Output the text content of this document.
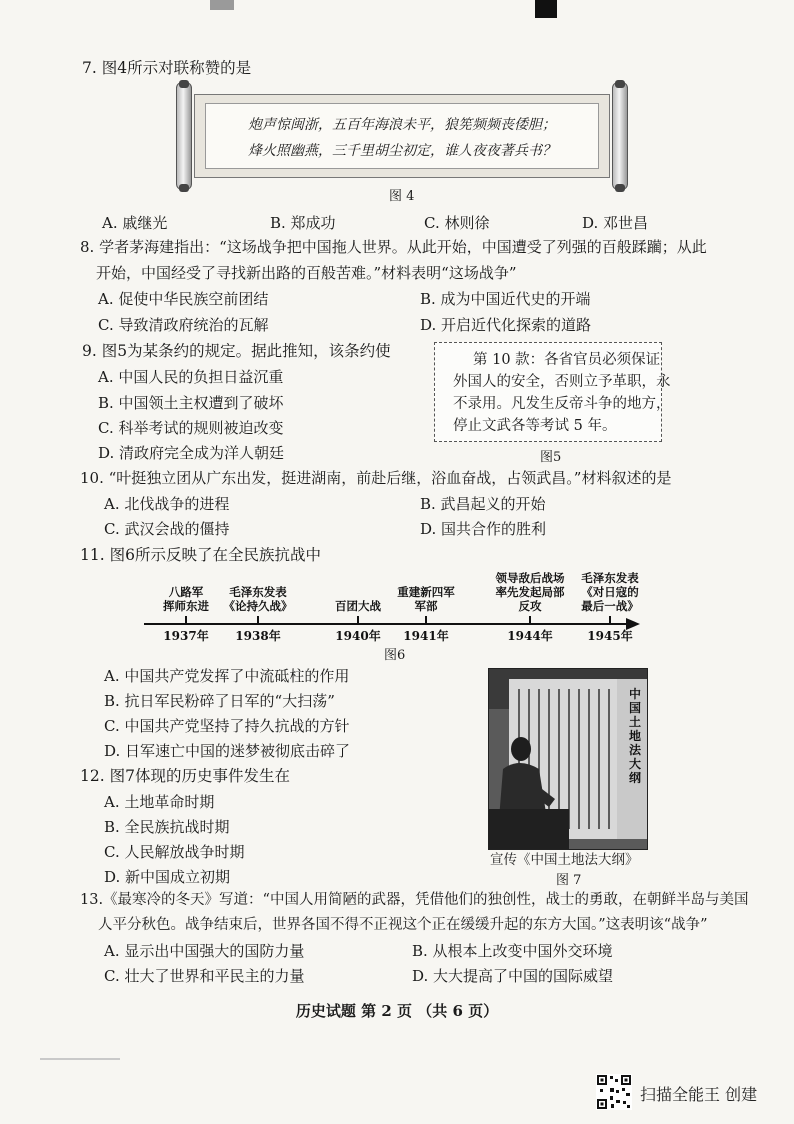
7. 图4所示对联称赞的是
炮声惊闽浙，五百年海浪未平，狼筅频频丧倭胆；
烽火照幽燕，三千里胡尘初定，谁人夜夜著兵书？
图 4
A. 戚继光	B. 郑成功	C. 林则徐	D. 邓世昌
8. 学者茅海建指出：“这场战争把中国拖人世界。从此开始，中国遭受了列强的百般蹂躏；从此
开始，中国经受了寻找新出路的百般苦难。”材料表明“这场战争”
A. 促使中华民族空前团结	B. 成为中国近代史的开端
C. 导致清政府统治的瓦解	D. 开启近代化探索的道路
9. 图5为某条约的规定。据此推知，该条约使
A. 中国人民的负担日益沉重
B. 中国领土主权遭到了破坏
C. 科举考试的规则被迫改变
D. 清政府完全成为洋人朝廷
第 10 款：各省官员必须保证
外国人的安全，否则立予革职，永
不录用。凡发生反帝斗争的地方，
停止文武各等考试 5 年。
图5
10. “叶挺独立团从广东出发，挺进湖南，前赴后继，浴血奋战，占领武昌。”材料叙述的是
A. 北伐战争的进程	B. 武昌起义的开始
C. 武汉会战的僵持	D. 国共合作的胜利
11. 图6所示反映了在全民族抗战中
八路军
挥师东进
1937年
毛泽东发表
《论持久战》
1938年
百团大战
1940年
重建新四军
军部
1941年
领导敌后战场
率先发起局部
反攻
1944年
毛泽东发表
《对日寇的
最后一战》
1945年
图6
A. 中国共产党发挥了中流砥柱的作用
B. 抗日军民粉碎了日军的“大扫荡”
C. 中国共产党坚持了持久抗战的方针
D. 日军速亡中国的迷梦被彻底击碎了
12. 图7体现的历史事件发生在
A. 土地革命时期
B. 全民族抗战时期
C. 人民解放战争时期
D. 新中国成立初期
中国土地法大纲
宣传《中国土地法大纲》
图 7
13.《最寒冷的冬天》写道：“中国人用简陋的武器，凭借他们的独创性，战士的勇敢，在朝鲜半岛与美国
人平分秋色。战争结束后，世界各国不得不正视这个正在缓缓升起的东方大国。”这表明该“战争”
A. 显示出中国强大的国防力量	B. 从根本上改变中国外交环境
C. 壮大了世界和平民主的力量	D. 大大提高了中国的国际威望
历史试题 第 2 页 （共 6 页）
扫描全能王 创建
